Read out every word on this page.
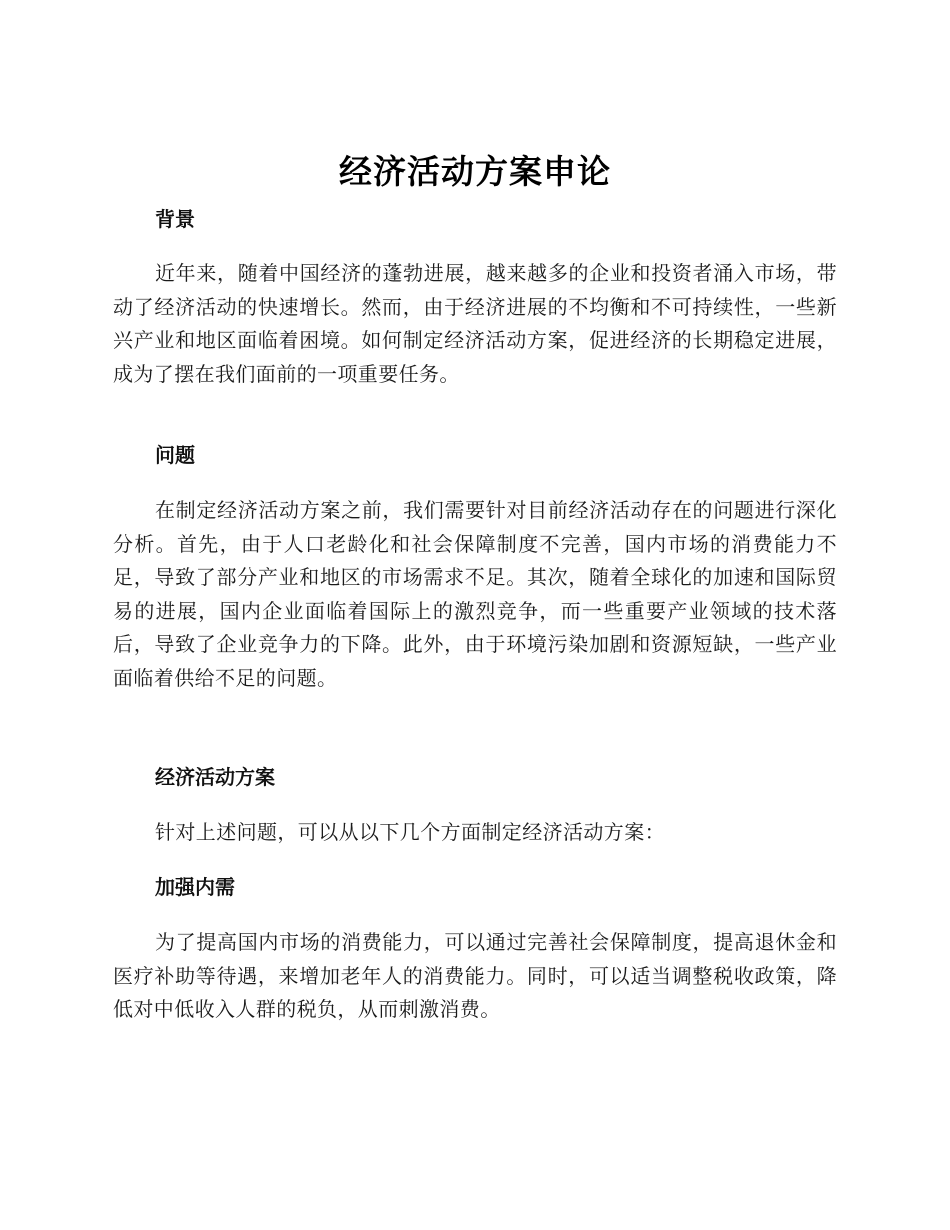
经济活动方案申论
背景
近年来，随着中国经济的蓬勃进展，越来越多的企业和投资者涌入市场，带动了经济活动的快速增长。然而，由于经济进展的不均衡和不可持续性，一些新兴产业和地区面临着困境。如何制定经济活动方案，促进经济的长期稳定进展，成为了摆在我们面前的一项重要任务。
问题
在制定经济活动方案之前，我们需要针对目前经济活动存在的问题进行深化分析。首先，由于人口老龄化和社会保障制度不完善，国内市场的消费能力不足，导致了部分产业和地区的市场需求不足。其次，随着全球化的加速和国际贸易的进展，国内企业面临着国际上的激烈竞争，而一些重要产业领域的技术落后，导致了企业竞争力的下降。此外，由于环境污染加剧和资源短缺，一些产业面临着供给不足的问题。
经济活动方案
针对上述问题，可以从以下几个方面制定经济活动方案：
加强内需
为了提高国内市场的消费能力，可以通过完善社会保障制度，提高退休金和医疗补助等待遇，来增加老年人的消费能力。同时，可以适当调整税收政策，降低对中低收入人群的税负，从而刺激消费。
